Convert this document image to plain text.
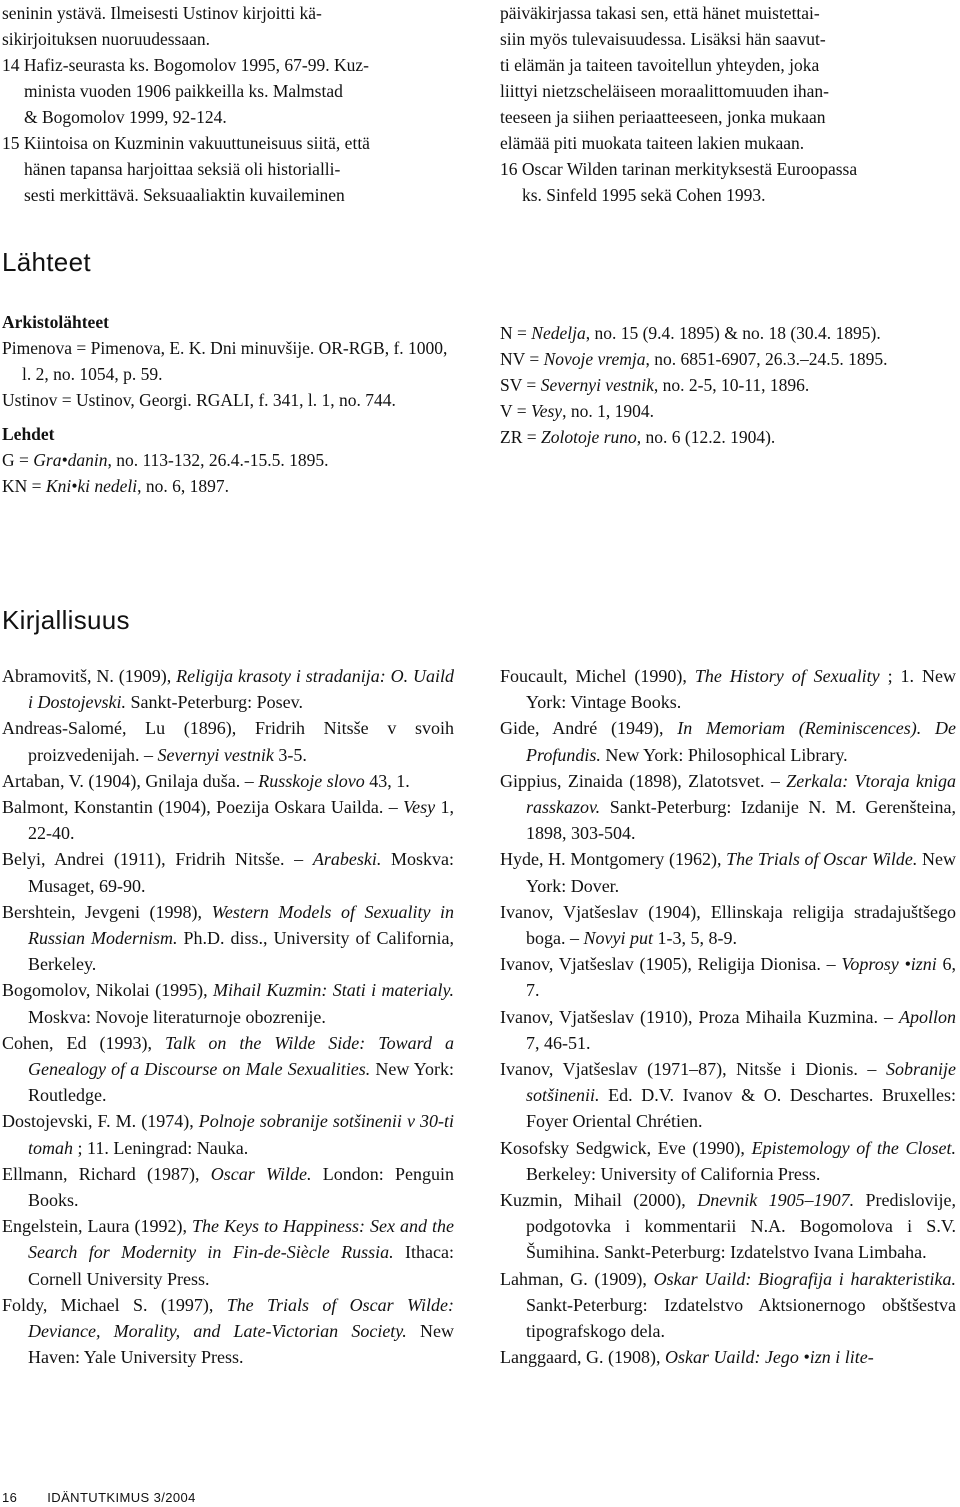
seninin ystävä. Ilmeisesti Ustinov kirjoitti kä-

sikirjoituksen nuoruudessaan.

14 Hafiz-seurasta ks. Bogomolov 1995, 67-99. Kuz-

minista vuoden 1906 paikkeilla ks. Malmstad

& Bogomolov 1999, 92-124.

15 Kiintoisa on Kuzminin vakuuttuneisuus siitä, että

hänen tapansa harjoittaa seksiä oli historialli-

sesti merkittävä. Seksuaaliaktin kuvaileminen

päiväkirjassa takasi sen, että hänet muistettai-

siin myös tulevaisuudessa. Lisäksi hän saavut-

ti elämän ja taiteen tavoitellun yhteyden, joka

liittyi nietzscheläiseen moraalittomuuden ihan-

teeseen ja siihen periaatteeseen, jonka mukaan

elämää piti muokata taiteen lakien mukaan.

16 Oscar Wilden tarinan merkityksestä Euroopassa

ks. Sinfeld 1995 sekä Cohen 1993.

Lähteet
Arkistolähteet
Pimenova = Pimenova, E. K. Dni minuvšije. OR-RGB, f. 1000, l. 2, no. 1054, p. 59.
Ustinov = Ustinov, Georgi. RGALI, f. 341, l. 1, no. 744.
Lehdet
G = Gra•danin, no. 113-132, 26.4.-15.5. 1895.
KN = Kni•ki nedeli, no. 6, 1897.
N = Nedelja, no. 15 (9.4. 1895) & no. 18 (30.4. 1895).
NV = Novoje vremja, no. 6851-6907, 26.3.–24.5. 1895.
SV = Severnyi vestnik, no. 2-5, 10-11, 1896.
V = Vesy, no. 1, 1904.
ZR = Zolotoje runo, no. 6 (12.2. 1904).
Kirjallisuus
Abramovitš, N. (1909), Religija krasoty i stradanija: O. Uaild i Dostojevski. Sankt-Peterburg: Posev.
Andreas-Salomé, Lu (1896), Fridrih Nitsše v svoih proizvedenijah. – Severnyi vestnik 3-5.
Artaban, V. (1904), Gnilaja duša. – Russkoje slovo 43, 1.
Balmont, Konstantin (1904), Poezija Oskara Uailda. – Vesy 1, 22-40.
Belyi, Andrei (1911), Fridrih Nitsše. – Arabeski. Moskva: Musaget, 69-90.
Bershtein, Jevgeni (1998), Western Models of Sexuality in Russian Modernism. Ph.D. diss., University of California, Berkeley.
Bogomolov, Nikolai (1995), Mihail Kuzmin: Stati i materialy. Moskva: Novoje literaturnoje obozrenije.
Cohen, Ed (1993), Talk on the Wilde Side: Toward a Genealogy of a Discourse on Male Sexualities. New York: Routledge.
Dostojevski, F. M. (1974), Polnoje sobranije sotšinenii v 30-ti tomah ; 11. Leningrad: Nauka.
Ellmann, Richard (1987), Oscar Wilde. London: Penguin Books.
Engelstein, Laura (1992), The Keys to Happiness: Sex and the Search for Modernity in Fin-de-Siècle Russia. Ithaca: Cornell University Press.
Foldy, Michael S. (1997), The Trials of Oscar Wilde: Deviance, Morality, and Late-Victorian Society. New Haven: Yale University Press.
Foucault, Michel (1990), The History of Sexuality ; 1. New York: Vintage Books.
Gide, André (1949), In Memoriam (Reminiscences). De Profundis. New York: Philosophical Library.
Gippius, Zinaida (1898), Zlatotsvet. – Zerkala: Vtoraja kniga rasskazov. Sankt-Peterburg: Izdanije N. M. Gerenšteina, 1898, 303-504.
Hyde, H. Montgomery (1962), The Trials of Oscar Wilde. New York: Dover.
Ivanov, Vjatšeslav (1904), Ellinskaja religija stradajuštšego boga. – Novyi put 1-3, 5, 8-9.
Ivanov, Vjatšeslav (1905), Religija Dionisa. – Voprosy •izni 6, 7.
Ivanov, Vjatšeslav (1910), Proza Mihaila Kuzmina. – Apollon 7, 46-51.
Ivanov, Vjatšeslav (1971–87), Nitsše i Dionis. – Sobranije sotšinenii. Ed. D.V. Ivanov & O. Deschartes. Bruxelles: Foyer Oriental Chrétien.
Kosofsky Sedgwick, Eve (1990), Epistemology of the Closet. Berkeley: University of California Press.
Kuzmin, Mihail (2000), Dnevnik 1905–1907. Predislovije, podgotovka i kommentarii N.A. Bogomolova i S.V. Šumihina. Sankt-Peterburg: Izdatelstvo Ivana Limbaha.
Lahman, G. (1909), Oskar Uaild: Biografija i harakteristika. Sankt-Peterburg: Izdatelstvo Aktsionernogo obštšestva tipografskogo dela.
Langgaard, G. (1908), Oskar Uaild: Jego •izn i lite-
16 IDÄNTUTKIMUS 3/2004
